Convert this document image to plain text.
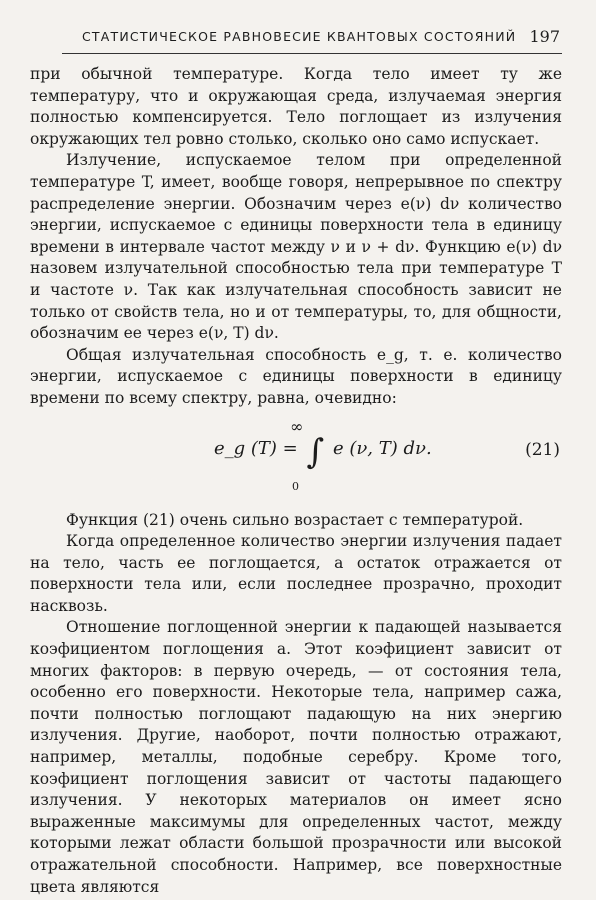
СТАТИСТИЧЕСКОЕ РАВНОВЕСИЕ КВАНТОВЫХ СОСТОЯНИЙ 197

при обычной температуре. Когда тело имеет ту же температуру, что и окружающая среда, излучаемая энергия полностью компенсируется. Тело поглощает из излучения окружающих тел ровно столько, сколько оно само испускает.

Излучение, испускаемое телом при определенной температуре T, имеет, вообще говоря, непрерывное по спектру распределение энергии. Обозначим через e(ν) dν количество энергии, испускаемое с единицы поверхности тела в единицу времени в интервале частот между ν и ν + dν. Функцию e(ν) dν назовем излучательной способностью тела при температуре T и частоте ν. Так как излучательная способность зависит не только от свойств тела, но и от температуры, то, для общности, обозначим ее через e(ν, T) dν.

Общая излучательная способность e_g, т. е. количество энергии, испускаемое с единицы поверхности в единицу времени по всему спектру, равна, очевидно:

∞
e_g (T) = ∫ e (ν, T) dν.
0
(21)

Функция (21) очень сильно возрастает с температурой.

Когда определенное количество энергии излучения падает на тело, часть ее поглощается, а остаток отражается от поверхности тела или, если последнее прозрачно, проходит насквозь.

Отношение поглощенной энергии к падающей называется коэфициентом поглощения a. Этот коэфициент зависит от многих факторов: в первую очередь, — от состояния тела, особенно его поверхности. Некоторые тела, например сажа, почти полностью поглощают падающую на них энергию излучения. Другие, наоборот, почти полностью отражают, например, металлы, подобные серебру. Кроме того, коэфициент поглощения зависит от частоты падающего излучения. У некоторых материалов он имеет ясно выраженные максимумы для определенных частот, между которыми лежат области большой прозрачности или высокой отражательной способности. Например, все поверхностные цвета являются
